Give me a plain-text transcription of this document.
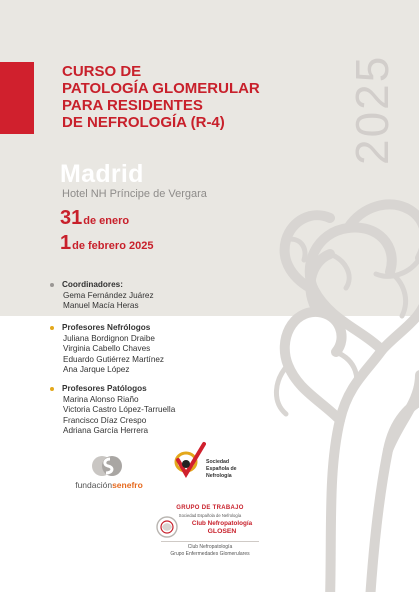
2025
CURSO DE
PATOLOGÍA GLOMERULAR
PARA RESIDENTES
DE NEFROLOGÍA (R-4)
Madrid
Hotel NH Príncipe de Vergara
31de enero
1de febrero 2025
Coordinadores:
Gema Fernández Juárez
Manuel Macía Heras
Profesores Nefrólogos
Juliana Bordignon Draibe
Virginia Cabello Chaves
Eduardo Gutiérrez Martínez
Ana Jarque López
Profesores Patólogos
Marina Alonso Riaño
Victoria Castro López-Tarruella
Francisco Díaz Crespo
Adriana García Herrera
fundaciónsenefro
Sociedad
Española de
Nefrología
GRUPO DE TRABAJO
Sociedad Española de Nefrología
Club Nefropatología
GLOSEN
Club Nefropatología
Grupo Enfermedades Glomerulares
